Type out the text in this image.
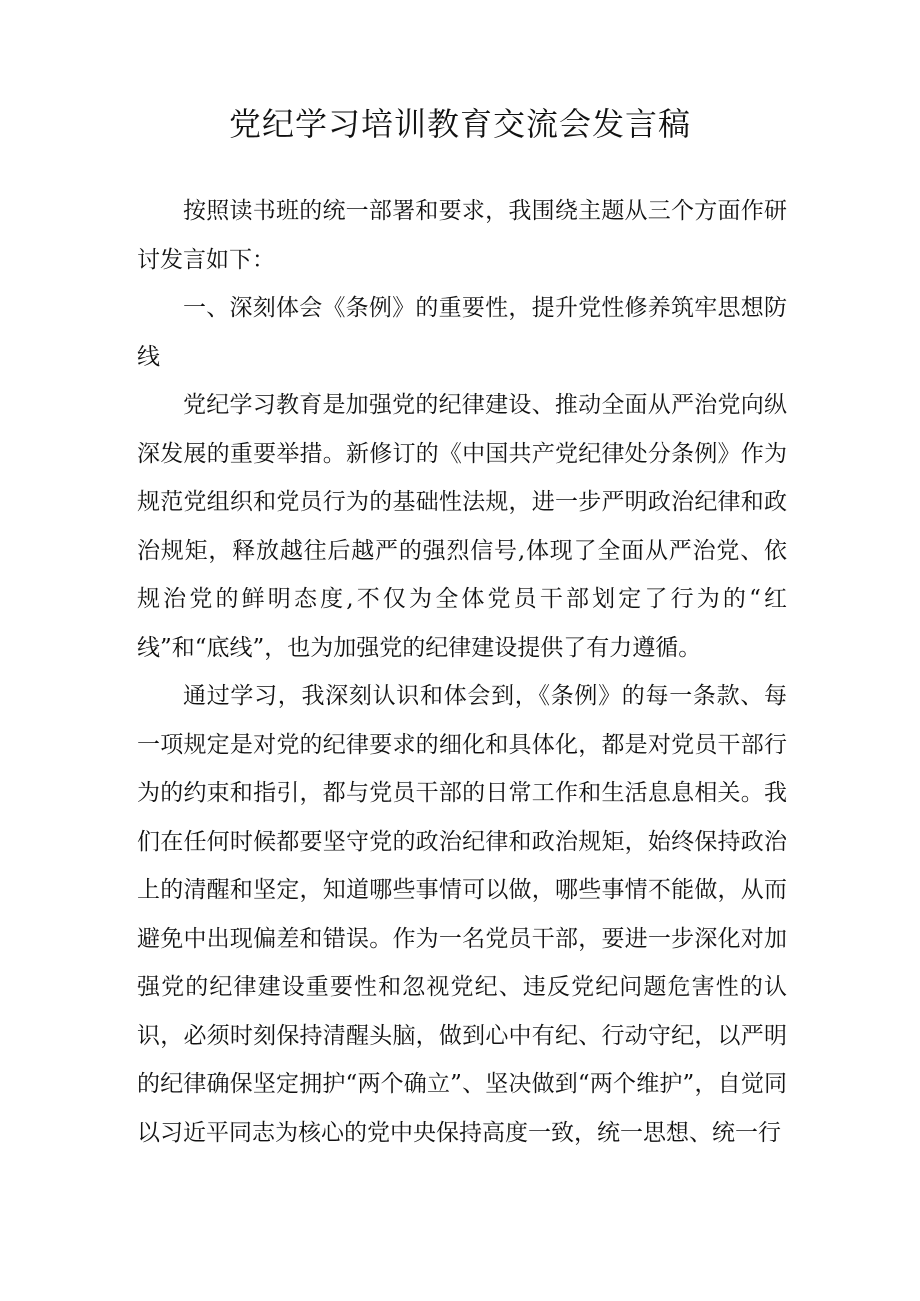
党纪学习培训教育交流会发言稿

按照读书班的统一部署和要求，我围绕主题从三个方面作研讨发言如下：

一、深刻体会《条例》的重要性，提升党性修养筑牢思想防线

党纪学习教育是加强党的纪律建设、推动全面从严治党向纵深发展的重要举措。新修订的《中国共产党纪律处分条例》作为规范党组织和党员行为的基础性法规，进一步严明政治纪律和政治规矩，释放越往后越严的强烈信号,体现了全面从严治党、依规治党的鲜明态度,不仅为全体党员干部划定了行为的“红线”和“底线”，也为加强党的纪律建设提供了有力遵循。

通过学习，我深刻认识和体会到，《条例》的每一条款、每一项规定是对党的纪律要求的细化和具体化，都是对党员干部行为的约束和指引，都与党员干部的日常工作和生活息息相关。我们在任何时候都要坚守党的政治纪律和政治规矩，始终保持政治上的清醒和坚定，知道哪些事情可以做，哪些事情不能做，从而避免中出现偏差和错误。作为一名党员干部，要进一步深化对加强党的纪律建设重要性和忽视党纪、违反党纪问题危害性的认识，必须时刻保持清醒头脑，做到心中有纪、行动守纪，以严明的纪律确保坚定拥护“两个确立”、坚决做到“两个维护”，自觉同以习近平同志为核心的党中央保持高度一致，统一思想、统一行
